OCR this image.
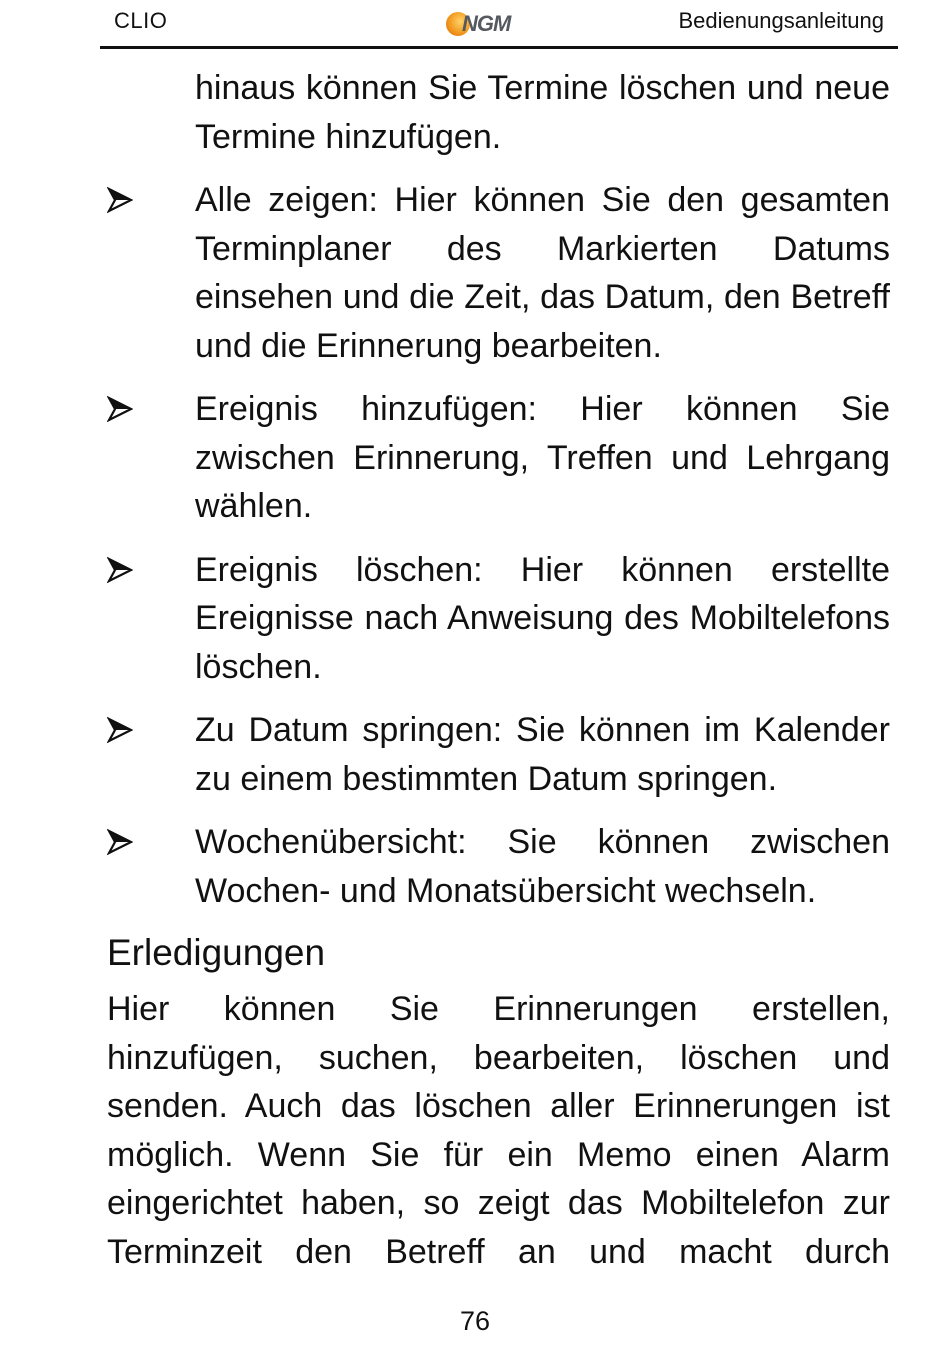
CLIO	NGM	Bedienungsanleitung
hinaus können Sie Termine löschen und neue Termine hinzufügen.
Alle zeigen: Hier können Sie den gesamten Terminplaner des Markierten Datums einsehen und die Zeit, das Datum, den Betreff und die Erinnerung bearbeiten.
Ereignis hinzufügen: Hier können Sie zwischen Erinnerung, Treffen und Lehrgang wählen.
Ereignis löschen: Hier können erstellte Ereignisse nach Anweisung des Mobiltelefons löschen.
Zu Datum springen: Sie können im Kalender zu einem bestimmten Datum springen.
Wochenübersicht: Sie können zwischen Wochen- und Monatsübersicht wechseln.
Erledigungen
Hier können Sie Erinnerungen erstellen, hinzufügen, suchen, bearbeiten, löschen und senden. Auch das löschen aller Erinnerungen ist möglich. Wenn Sie für ein Memo einen Alarm eingerichtet haben, so zeigt das Mobiltelefon zur Terminzeit den Betreff an und macht durch
76
